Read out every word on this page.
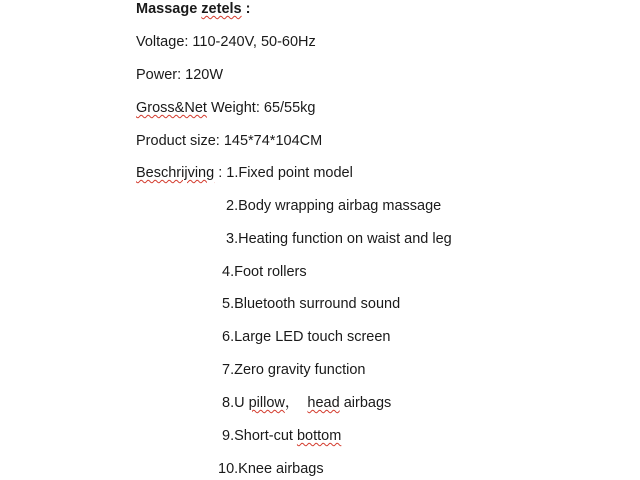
Massage zetels :
Voltage: 110-240V, 50-60Hz
Power: 120W
Gross&Net Weight: 65/55kg
Product size: 145*74*104CM
Beschrijving : 1.Fixed point model
2.Body wrapping airbag massage
3.Heating function on waist and leg
4.Foot rollers
5.Bluetooth surround sound
6.Large LED touch screen
7.Zero gravity function
8.U pillow，  head airbags
9.Short-cut bottom
10.Knee airbags
